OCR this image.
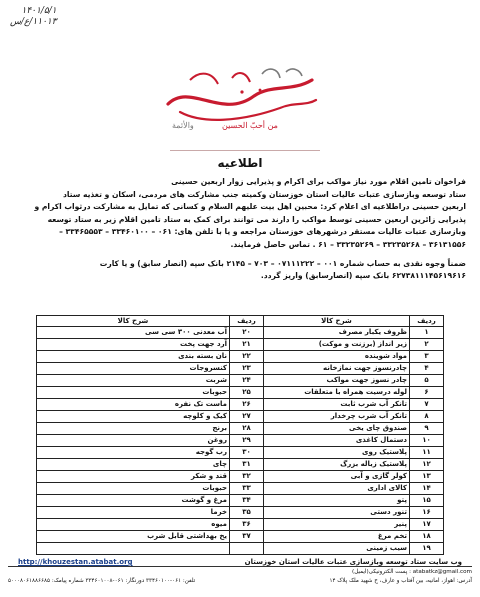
۱۴۰۱/۵/۱
۱۱۰۱۳/ع/س
والأئمة	من أحبّ الحسین
اطلاعیه
فراخوان تامین اقلام مورد نیاز مواکب برای اکرام و پذیرایی زوار اربعین حسینی
ستاد توسعه وبازسازی عتبات عالیات استان خوزستان وکمیته جنب مشارکت های مردمی، اسکان و تغذیه ستاد
اربعین حسینی دراطلاعیه ای اعلام کرد: محبین اهل بیت علیهم السلام و کسانی که تمایل به مشارکت درثواب اکرام و
پذیرایی زائرین اربعین حسینی توسط مواکب را دارند می توانند برای کمک به ستاد تامین اقلام زیر به ستاد توسعه
وبازسازی عتبات عالیات مستقر درشهرهای خوزستان مراجعه و یا با تلفن های: ۰۶۱ – ۳۳۴۶۰۱۰۰ – ۳۳۴۶۵۵۵۳ –
۳۶۱۳۱۵۵۶ – ۳۳۲۳۵۲۶۸ – ۳۳۲۳۵۲۶۹ – ۶۱ . تماس حاصل فرمایند.
ضمناً وجوه نقدی به حساب شماره ۰۰۱ – ۰۷۱۱۱۲۲۲ – ۷۰۳ – ۲۱۴۵ بانک سپه (انصار سابق) و یا کارت
۶۲۷۳۸۱۱۱۴۵۶۱۹۶۱۶ بانک سپه (انصارسابق) واریز گردد.
ردیف	شرح کالا	ردیف	شرح کالا
۱	ظروف یکبار مصرف	۲۰	آب معدنی ۳۰۰ سی سی
۲	زیر انداز (برزنت و موکت)	۲۱	آرد جهت پخت
۳	مواد شوینده	۲۲	نان بسته بندی
۴	چادرنسوز جهت نمازخانه	۲۳	کنسروجات
۵	چادر نسوز جهت مواکب	۲۴	شربت
۶	لوله درسیت همراه با متعلقات	۲۵	حبوبات
۷	تانکر آب شرب ثابت	۲۶	ماست تک نفره
۸	تانکر آب شرب چرخدار	۲۷	کیک و کلوچه
۹	صندوق چای یخی	۲۸	برنج
۱۰	دستمال کاغذی	۲۹	روغن
۱۱	پلاستیک روی	۳۰	رب گوجه
۱۲	پلاستیک زباله بزرگ	۳۱	چای
۱۳	کولر گازی و آبی	۳۲	قند و شکر
۱۴	کالای اداری	۳۳	حبوبات
۱۵	پتو	۳۴	مرغ و گوشت
۱۶	تنور دستی	۳۵	خرما
۱۷	پنیر	۳۶	میوه
۱۸	تخم مرغ	۳۷	یخ بهداشتی قابل شرب
۱۹	سیب زمینی		
http://khouzestan.atabat.org	وب سایت ستاد توسعه وبازسازی عتبات عالیات استان خوزستان
atabatkz@gmail.com : پست الکترونیکی(ایمیل)
آدرس: اهواز، امانیه، بین آفتاب و عارف، خ شهید ملک پلاک ۱۴
تلفن: ۰۶۱-۳۳۴۶۰۱۰۰ دورنگار: ۰۶۱-۳۳۴۶۰۱۰۰۸ شماره پیامک: ۵۰۰۰۸۰۶۱۸۸۶۶۸۵
